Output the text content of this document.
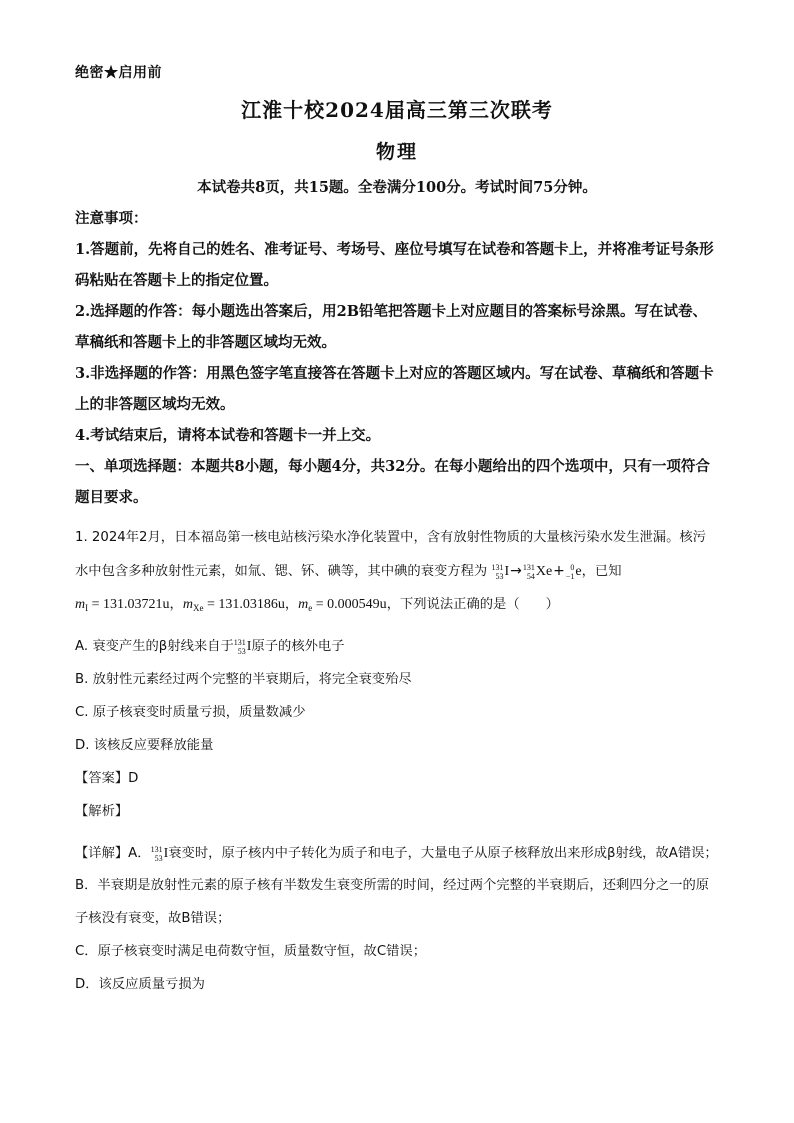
绝密★启用前

江淮十校2024届高三第三次联考
物理

本试卷共8页，共15题。全卷满分100分。考试时间75分钟。

注意事项：

1.答题前，先将自己的姓名、准考证号、考场号、座位号填写在试卷和答题卡上，并将准考证号条形码粘贴在答题卡上的指定位置。

2.选择题的作答：每小题选出答案后，用2B铅笔把答题卡上对应题目的答案标号涂黑。写在试卷、草稿纸和答题卡上的非答题区域均无效。

3.非选择题的作答：用黑色签字笔直接答在答题卡上对应的答题区域内。写在试卷、草稿纸和答题卡上的非答题区域均无效。

4.考试结束后，请将本试卷和答题卡一并上交。

一、单项选择题：本题共8小题，每小题4分，共32分。在每小题给出的四个选项中，只有一项符合题目要求。

1. 2024年2月，日本福岛第一核电站核污染水净化装置中，含有放射性物质的大量核污染水发生泄漏。核污水中包含多种放射性元素，如氚、锶、钚、碘等，其中碘的衰变方程为 131
53 I→ 131
54 Xe+ 0
−1 e，已知
$m_I = 131.03721u$，$m_{Xe} = 131.03186u$，$m_e = 0.000549u$，下列说法正确的是（ ）

A. 衰变产生的β射线来自于 131
53 I原子的核外电子

B. 放射性元素经过两个完整的半衰期后，将完全衰变殆尽

C. 原子核衰变时质量亏损，质量数减少

D. 该核反应要释放能量

【答案】D

【解析】

【详解】A． 131
53 I衰变时，原子核内中子转化为质子和电子，大量电子从原子核释放出来形成β射线，故A错误；

B．半衰期是放射性元素的原子核有半数发生衰变所需的时间，经过两个完整的半衰期后，还剩四分之一的原子核没有衰变，故B错误；

C．原子核衰变时满足电荷数守恒，质量数守恒，故C错误；

D．该反应质量亏损为
